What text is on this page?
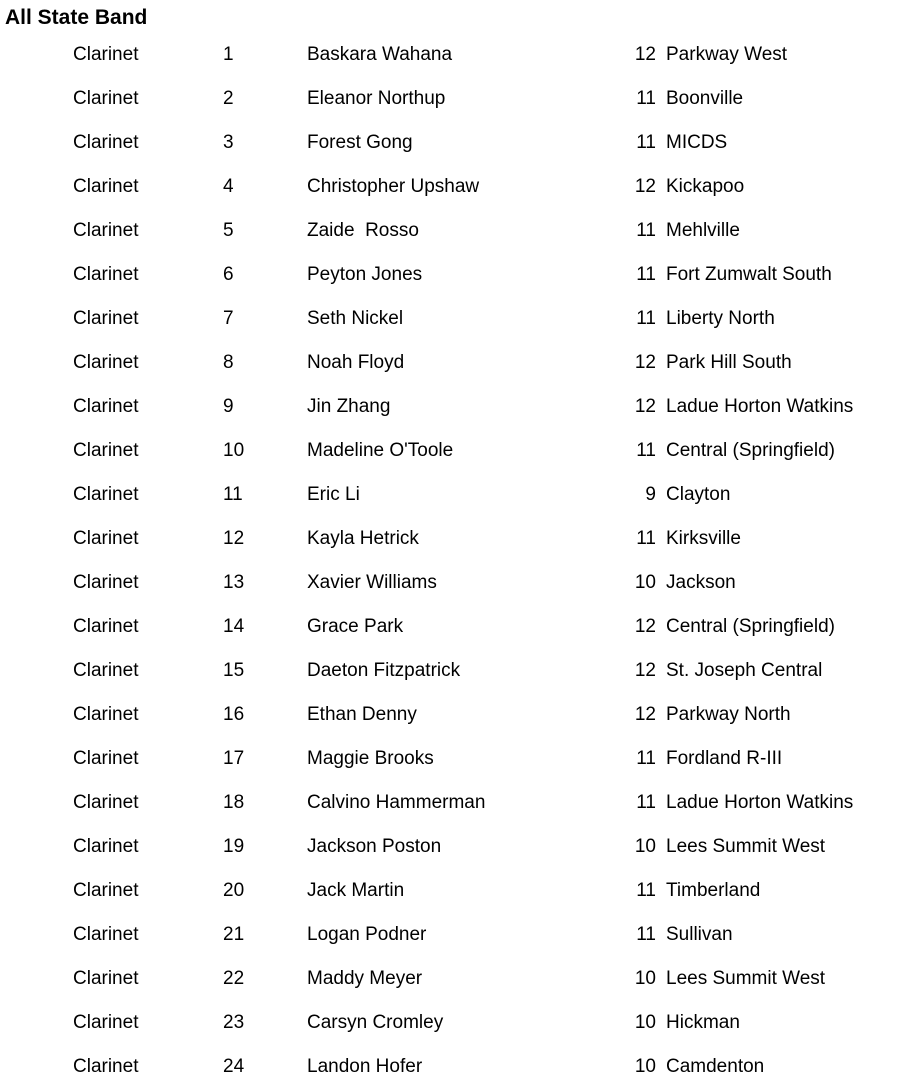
All State Band
Clarinet	1	Baskara Wahana	12 Parkway West
Clarinet	2	Eleanor Northup	11 Boonville
Clarinet	3	Forest Gong	11 MICDS
Clarinet	4	Christopher Upshaw	12 Kickapoo
Clarinet	5	Zaide  Rosso	11 Mehlville
Clarinet	6	Peyton Jones	11 Fort Zumwalt South
Clarinet	7	Seth Nickel	11 Liberty North
Clarinet	8	Noah Floyd	12 Park Hill South
Clarinet	9	Jin Zhang	12 Ladue Horton Watkins
Clarinet	10	Madeline O'Toole	11 Central (Springfield)
Clarinet	11	Eric Li	9 Clayton
Clarinet	12	Kayla Hetrick	11 Kirksville
Clarinet	13	Xavier Williams	10 Jackson
Clarinet	14	Grace Park	12 Central (Springfield)
Clarinet	15	Daeton Fitzpatrick	12 St. Joseph Central
Clarinet	16	Ethan Denny	12 Parkway North
Clarinet	17	Maggie Brooks	11 Fordland R-III
Clarinet	18	Calvino Hammerman	11 Ladue Horton Watkins
Clarinet	19	Jackson Poston	10 Lees Summit West
Clarinet	20	Jack Martin	11 Timberland
Clarinet	21	Logan Podner	11 Sullivan
Clarinet	22	Maddy Meyer	10 Lees Summit West
Clarinet	23	Carsyn Cromley	10 Hickman
Clarinet	24	Landon Hofer	10 Camdenton
